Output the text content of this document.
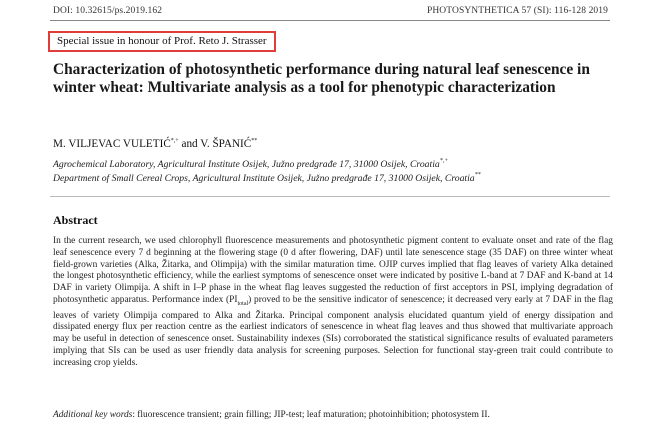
DOI: 10.32615/ps.2019.162	PHOTOSYNTHETICA 57 (SI): 116-128 2019
Special issue in honour of Prof. Reto J. Strasser
Characterization of photosynthetic performance during natural leaf senescence in winter wheat: Multivariate analysis as a tool for phenotypic characterization
M. VILJEVAC VULETIĆ*,+ and V. ŠPANIĆ**
Agrochemical Laboratory, Agricultural Institute Osijek, Južno predgrađe 17, 31000 Osijek, Croatia*,+
Department of Small Cereal Crops, Agricultural Institute Osijek, Južno predgrađe 17, 31000 Osijek, Croatia**
Abstract

In the current research, we used chlorophyll fluorescence measurements and photosynthetic pigment content to evaluate onset and rate of the flag leaf senescence every 7 d beginning at the flowering stage (0 d after flowering, DAF) until late senescence stage (35 DAF) on three winter wheat field-grown varieties (Alka, Žitarka, and Olimpija) with the similar maturation time. OJIP curves implied that flag leaves of variety Alka detained the longest photosynthetic efficiency, while the earliest symptoms of senescence onset were indicated by positive L-band at 7 DAF and K-band at 14 DAF in variety Olimpija. A shift in I–P phase in the wheat flag leaves suggested the reduction of first acceptors in PSI, implying degradation of photosynthetic apparatus. Performance index $(PI_{total})$ proved to be the sensitive indicator of senescence; it decreased very early at 7 DAF in the flag leaves of variety Olimpija compared to Alka and Žitarka. Principal component analysis elucidated quantum yield of energy dissipation and dissipated energy flux per reaction centre as the earliest indicators of senescence in wheat flag leaves and thus showed that multivariate approach may be useful in detection of senescence onset. Sustainability indexes (SIs) corroborated the statistical significance results of evaluated parameters implying that SIs can be used as user friendly data analysis for screening purposes. Selection for functional stay-green trait could contribute to increasing crop yields.

Additional key words: fluorescence transient; grain filling; JIP-test; leaf maturation; photoinhibition; photosystem II.
